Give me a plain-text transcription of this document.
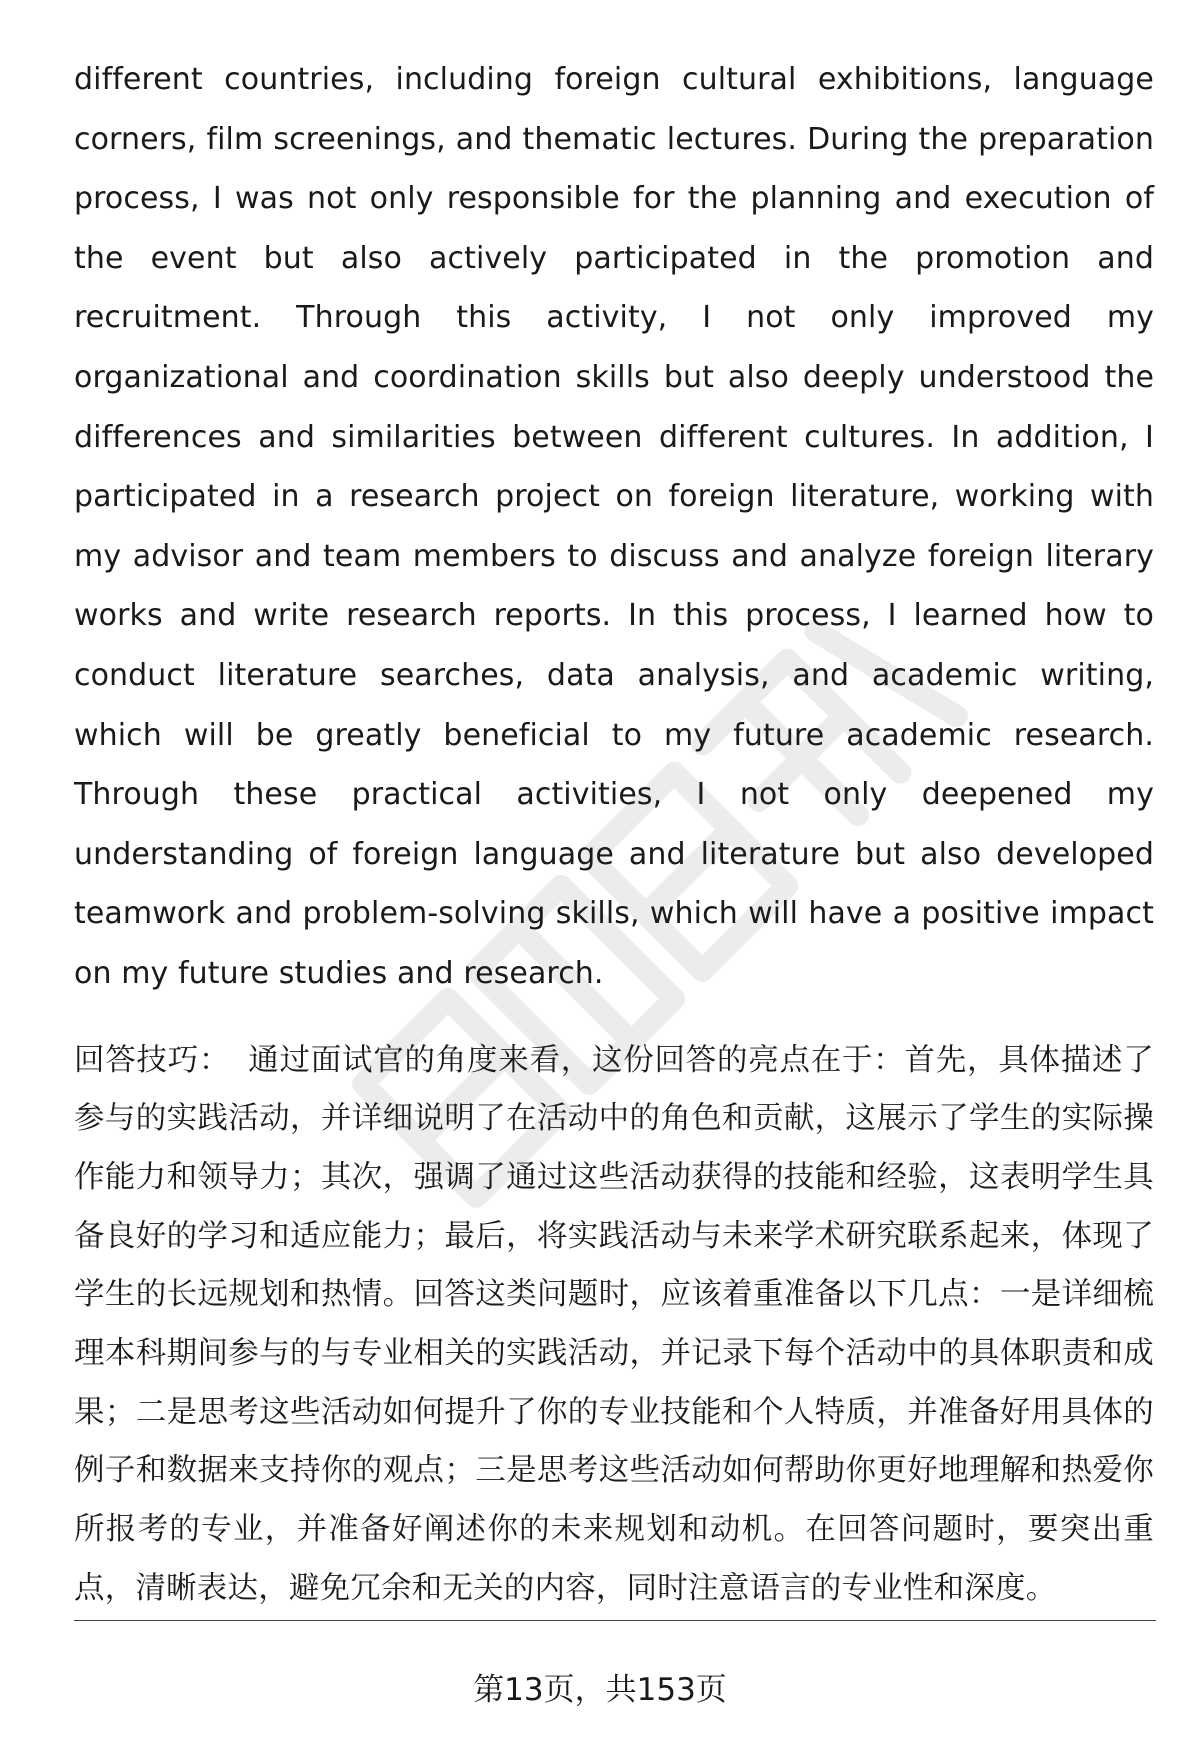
different countries, including foreign cultural exhibitions, language corners, film screenings, and thematic lectures. During the preparation process, I was not only responsible for the planning and execution of the event but also actively participated in the promotion and recruitment. Through this activity, I not only improved my organizational and coordination skills but also deeply understood the differences and similarities between different cultures. In addition, I participated in a research project on foreign literature, working with my advisor and team members to discuss and analyze foreign literary works and write research reports. In this process, I learned how to conduct literature searches, data analysis, and academic writing, which will be greatly beneficial to my future academic research. Through these practical activities, I not only deepened my understanding of foreign language and literature but also developed teamwork and problem-solving skills, which will have a positive impact on my future studies and research.

回答技巧： 通过面试官的角度来看，这份回答的亮点在于：首先，具体描述了参与的实践活动，并详细说明了在活动中的角色和贡献，这展示了学生的实际操作能力和领导力；其次，强调了通过这些活动获得的技能和经验，这表明学生具备良好的学习和适应能力；最后，将实践活动与未来学术研究联系起来，体现了学生的长远规划和热情。回答这类问题时，应该着重准备以下几点：一是详细梳理本科期间参与的与专业相关的实践活动，并记录下每个活动中的具体职责和成果；二是思考这些活动如何提升了你的专业技能和个人特质，并准备好用具体的例子和数据来支持你的观点；三是思考这些活动如何帮助你更好地理解和热爱你所报考的专业，并准备好阐述你的未来规划和动机。在回答问题时，要突出重点，清晰表达，避免冗余和无关的内容，同时注意语言的专业性和深度。

第13页，共153页
